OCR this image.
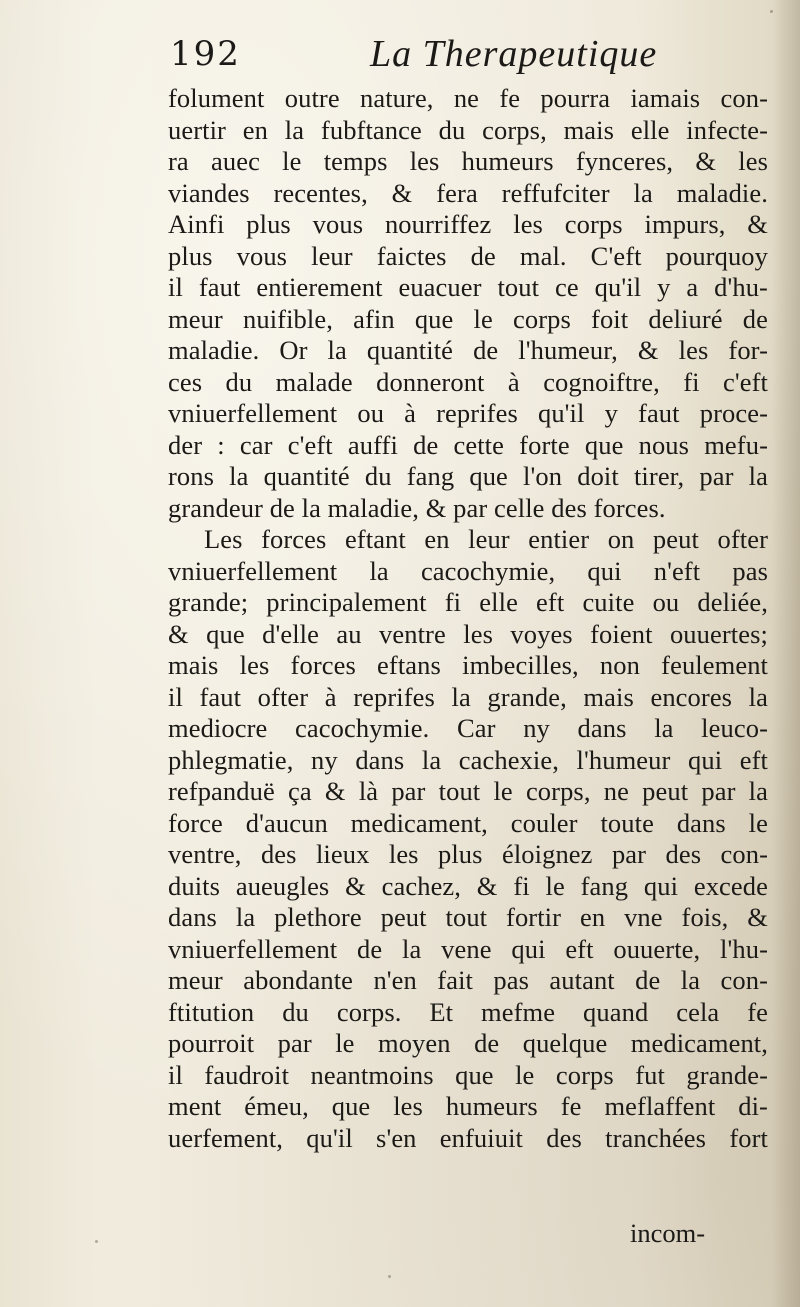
192	La Therapeutique
folument outre nature, ne fe pourra iamais con-
uertir en la fubftance du corps, mais elle infecte-
ra auec le temps les humeurs fynceres, & les
viandes recentes, & fera reffufciter la maladie.
Ainfi plus vous nourriffez les corps impurs, &
plus vous leur faictes de mal. C'eft pourquoy
il faut entierement euacuer tout ce qu'il y a d'hu-
meur nuifible, afin que le corps foit deliuré de
maladie. Or la quantité de l'humeur, & les for-
ces du malade donneront à cognoiftre, fi c'eft
vniuerfellement ou à reprifes qu'il y faut proce-
der : car c'eft auffi de cette forte que nous mefu-
rons la quantité du fang que l'on doit tirer, par la
grandeur de la maladie, & par celle des forces.
Les forces eftant en leur entier on peut ofter
vniuerfellement la cacochymie, qui n'eft pas
grande; principalement fi elle eft cuite ou deliée,
& que d'elle au ventre les voyes foient ouuertes;
mais les forces eftans imbecilles, non feulement
il faut ofter à reprifes la grande, mais encores la
mediocre cacochymie. Car ny dans la leuco-
phlegmatie, ny dans la cachexie, l'humeur qui eft
refpanduë ça & là par tout le corps, ne peut par la
force d'aucun medicament, couler toute dans le
ventre, des lieux les plus éloignez par des con-
duits aueugles & cachez, & fi le fang qui excede
dans la plethore peut tout fortir en vne fois, &
vniuerfellement de la vene qui eft ouuerte, l'hu-
meur abondante n'en fait pas autant de la con-
ftitution du corps. Et mefme quand cela fe
pourroit par le moyen de quelque medicament,
il faudroit neantmoins que le corps fut grande-
ment émeu, que les humeurs fe meflaffent di-
uerfement, qu'il s'en enfuiuit des tranchées fort
incom-
